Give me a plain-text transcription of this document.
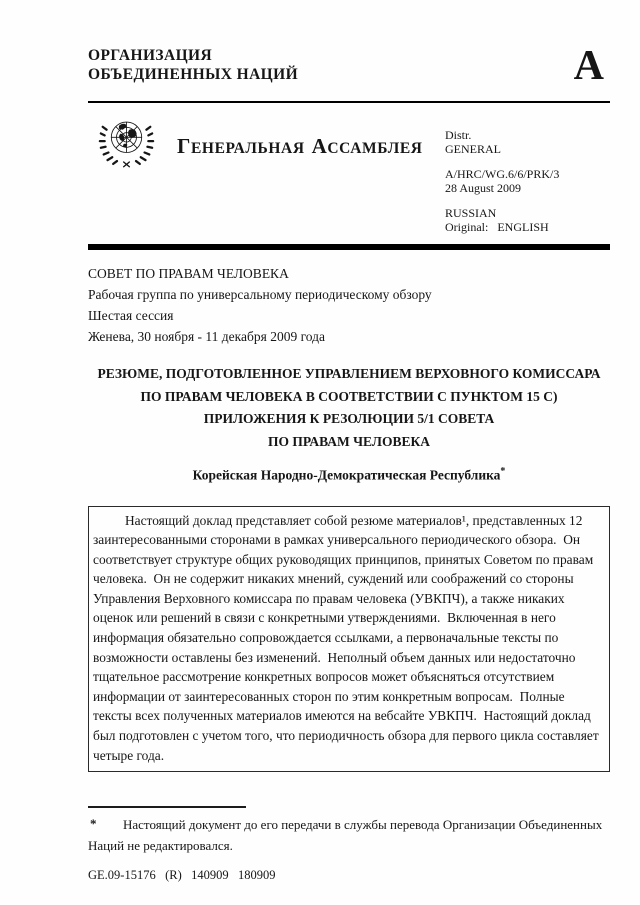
ОРГАНИЗАЦИЯ
ОБЪЕДИНЕННЫХ НАЦИЙ	A
ГЕНЕРАЛЬНАЯ АССАМБЛЕЯ
Distr.
GENERAL
A/HRC/WG.6/6/PRK/3
28 August 2009
RUSSIAN
Original: ENGLISH
СОВЕТ ПО ПРАВАМ ЧЕЛОВЕКА
Рабочая группа по универсальному периодическому обзору
Шестая сессия
Женева, 30 ноября - 11 декабря 2009 года
РЕЗЮМЕ, ПОДГОТОВЛЕННОЕ УПРАВЛЕНИЕМ ВЕРХОВНОГО КОМИССАРА
ПО ПРАВАМ ЧЕЛОВЕКА В СООТВЕТСТВИИ С ПУНКТОМ 15 С)
ПРИЛОЖЕНИЯ К РЕЗОЛЮЦИИ 5/1 СОВЕТА
ПО ПРАВАМ ЧЕЛОВЕКА
Корейская Народно-Демократическая Республика*

Настоящий доклад представляет собой резюме материалов¹, представленных 12 заинтересованными сторонами в рамках универсального периодического обзора.  Он соответствует структуре общих руководящих принципов, принятых Советом по правам человека.  Он не содержит никаких мнений, суждений или соображений со стороны Управления Верховного комиссара по правам человека (УВКПЧ), а также никаких оценок или решений в связи с конкретными утверждениями.  Включенная в него информация обязательно сопровождается ссылками, а первоначальные тексты по возможности оставлены без изменений.  Неполный объем данных или недостаточно тщательное рассмотрение конкретных вопросов может объясняться отсутствием информации от заинтересованных сторон по этим конкретным вопросам.  Полные тексты всех полученных материалов имеются на вебсайте УВКПЧ.  Настоящий доклад был подготовлен с учетом того, что периодичность обзора для первого цикла составляет четыре года.

*	Настоящий документ до его передачи в службы перевода Организации Объединенных Наций не редактировался.

GE.09-15176   (R)   140909   180909
